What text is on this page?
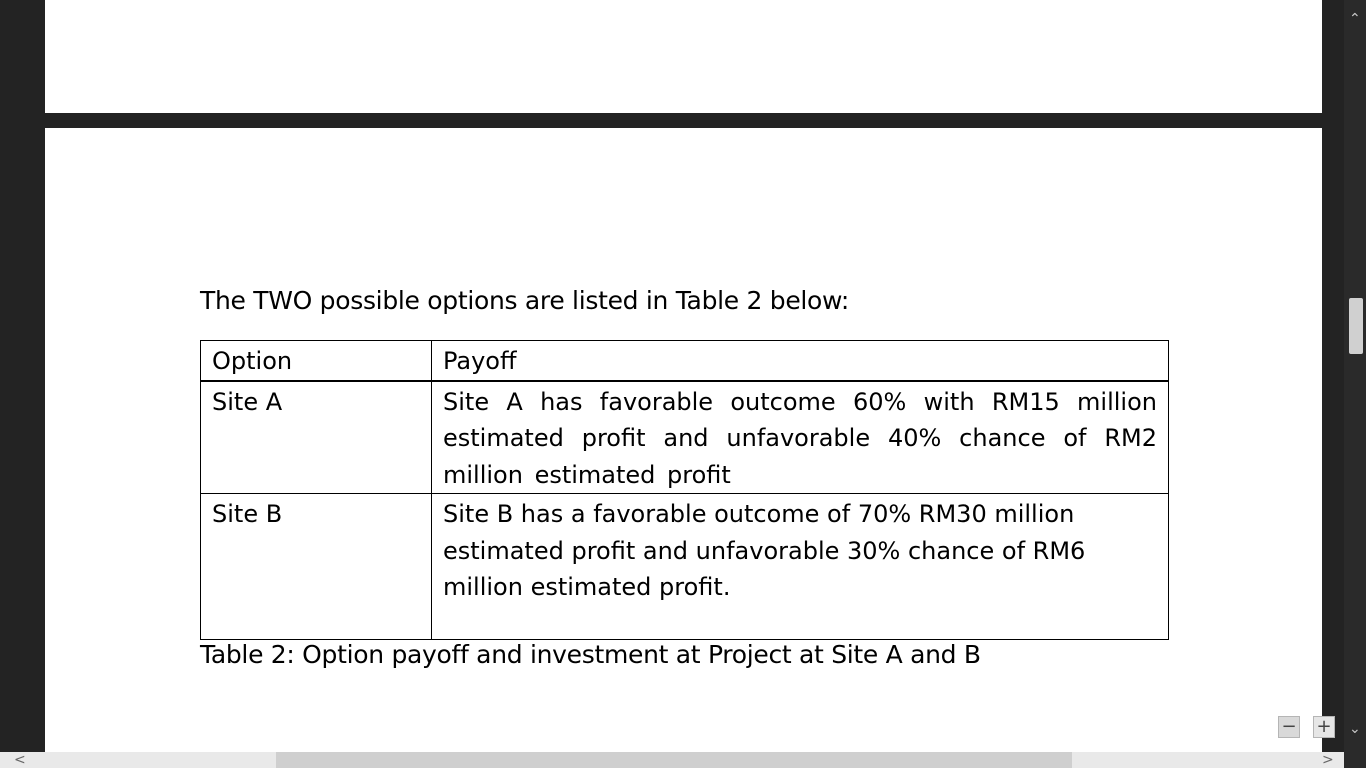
The TWO possible options are listed in Table 2 below:

Option	Payoff
Site A	Site A has favorable outcome 60% with RM15 million estimated profit and unfavorable 40% chance of RM2 million estimated profit
Site B	Site B has a favorable outcome of 70% RM30 million estimated profit and unfavorable 30% chance of RM6 million estimated profit.

Table 2: Option payoff and investment at Project at Site A and B

− +
⌃
⌄
<	>
